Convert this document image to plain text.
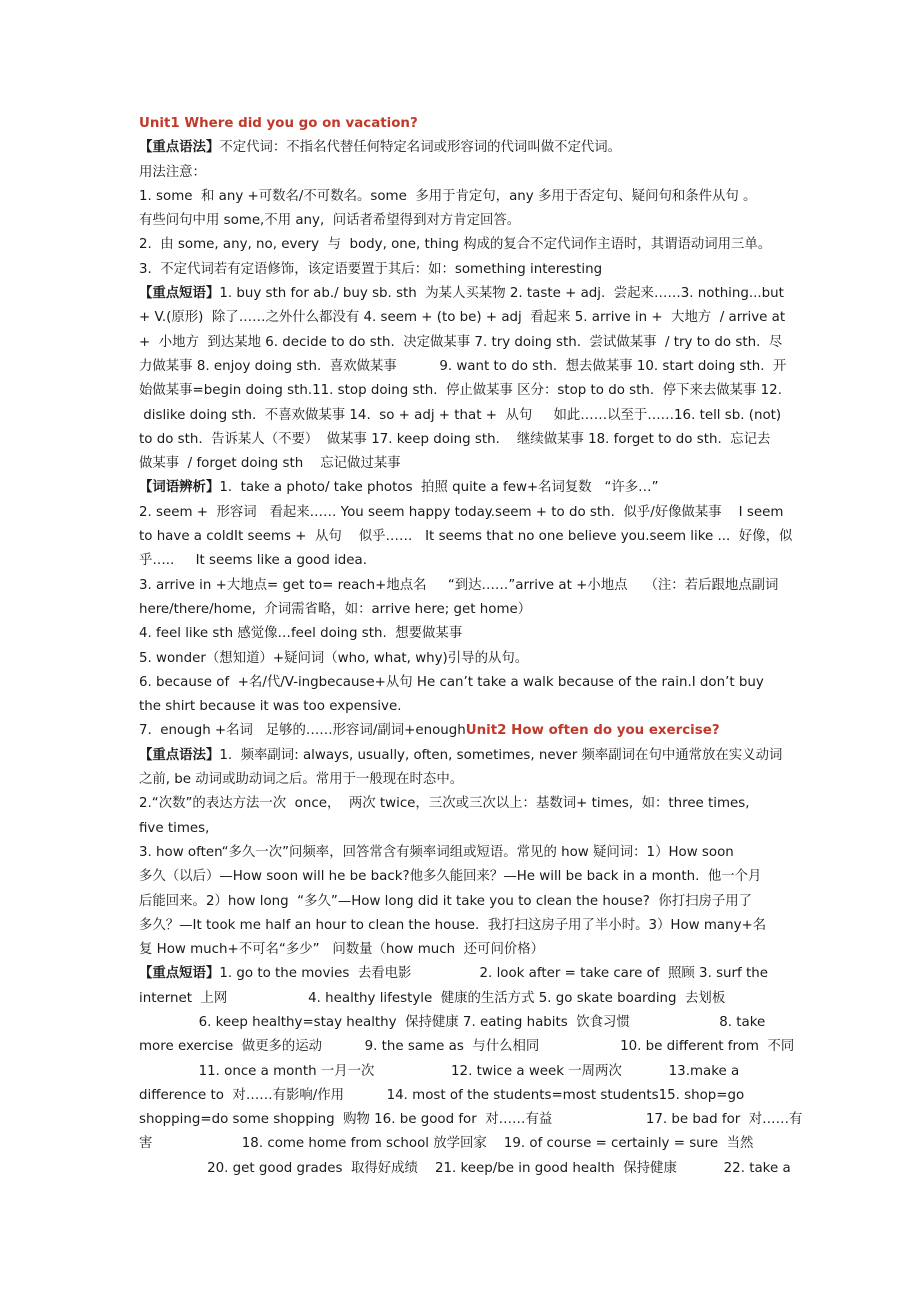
Unit1 Where did you go on vacation?
【重点语法】不定代词：不指名代替任何特定名词或形容词的代词叫做不定代词。
用法注意：
1. some  和 any +可数名/不可数名。some  多用于肯定句，any 多用于否定句、疑问句和条件从句 。
有些问句中用 some,不用 any,  问话者希望得到对方肯定回答。
2.  由 some, any, no, every  与  body, one, thing 构成的复合不定代词作主语时，其谓语动词用三单。
3.  不定代词若有定语修饰，该定语要置于其后：如：something interesting
【重点短语】1. buy sth for ab./ buy sb. sth  为某人买某物 2. taste + adj.  尝起来……3. nothing...but
+ V.(原形)  除了……之外什么都没有 4. seem + (to be) + adj  看起来 5. arrive in +  大地方  / arrive at
+  小地方  到达某地 6. decide to do sth.  决定做某事 7. try doing sth.  尝试做某事  / try to do sth.  尽
力做某事 8. enjoy doing sth.  喜欢做某事          9. want to do sth.  想去做某事 10. start doing sth.  开
始做某事=begin doing sth.11. stop doing sth.  停止做某事 区分：stop to do sth.  停下来去做某事 12.
dislike doing sth.  不喜欢做某事 14.  so + adj + that +  从句     如此……以至于……16. tell sb. (not)
to do sth.  告诉某人（不要）  做某事 17. keep doing sth.    继续做某事 18. forget to do sth.  忘记去
做某事  / forget doing sth    忘记做过某事
【词语辨析】1.  take a photo/ take photos  拍照 quite a few+名词复数   “许多…”
2. seem +  形容词   看起来…… You seem happy today.seem + to do sth.  似乎/好像做某事    I seem
to have a coldIt seems +  从句    似乎……   It seems that no one believe you.seem like ...  好像，似
乎…..     It seems like a good idea.
3. arrive in +大地点= get to= reach+地点名     “到达……”arrive at +小地点    （注：若后跟地点副词
here/there/home,  介词需省略，如：arrive here; get home）
4. feel like sth 感觉像…feel doing sth.  想要做某事
5. wonder（想知道）+疑问词（who, what, why)引导的从句。
6. because of  +名/代/V-ingbecause+从句 He can’t take a walk because of the rain.I don’t buy
the shirt because it was too expensive.
7.  enough +名词   足够的……形容词/副词+enoughUnit2 How often do you exercise?
【重点语法】1.  频率副词: always, usually, often, sometimes, never 频率副词在句中通常放在实义动词
之前, be 动词或助动词之后。常用于一般现在时态中。
2.“次数”的表达方法一次  once，  两次 twice，三次或三次以上：基数词+ times,  如：three times,
five times,
3. how often“多久一次”问频率，回答常含有频率词组或短语。常见的 how 疑问词：1）How soon
多久（以后）—How soon will he be back?他多久能回来？—He will be back in a month.  他一个月
后能回来。2）how long  “多久”—How long did it take you to clean the house?  你打扫房子用了
多久？—It took me half an hour to clean the house.  我打扫这房子用了半小时。3）How many+名
复 How much+不可名“多少”   问数量（how much  还可问价格）
【重点短语】1. go to the movies  去看电影                2. look after = take care of  照顾 3. surf the
internet  上网                   4. healthy lifestyle  健康的生活方式 5. go skate boarding  去划板
6. keep healthy=stay healthy  保持健康 7. eating habits  饮食习惯                     8. take
more exercise  做更多的运动          9. the same as  与什么相同                   10. be different from  不同
11. once a month 一月一次                  12. twice a week 一周两次           13.make a
difference to  对……有影响/作用          14. most of the students=most students15. shop=go
shopping=do some shopping  购物 16. be good for  对……有益                      17. be bad for  对……有
害                     18. come home from school 放学回家    19. of course = certainly = sure  当然
20. get good grades  取得好成绩    21. keep/be in good health  保持健康           22. take a
